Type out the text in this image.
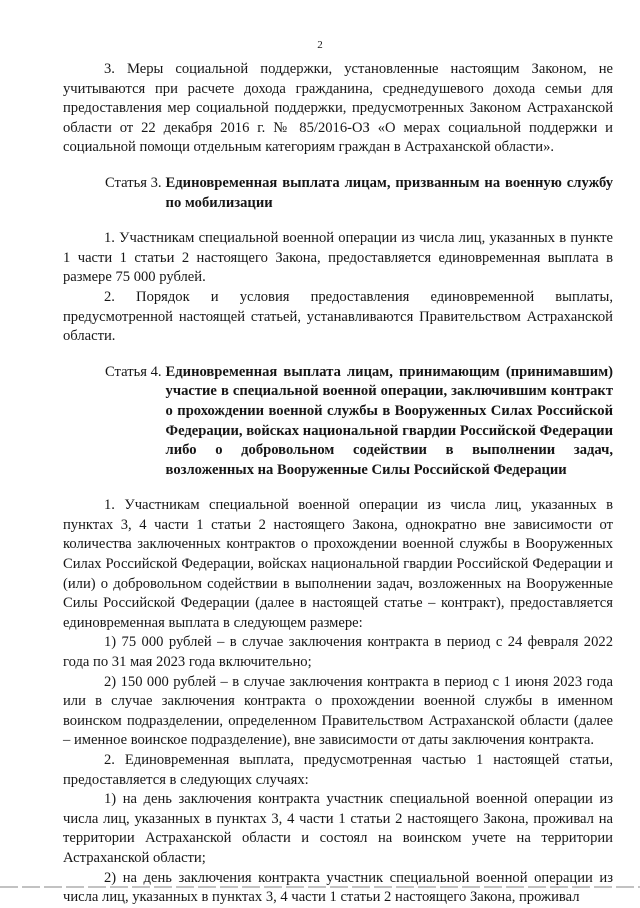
2

3. Меры социальной поддержки, установленные настоящим Законом, не учитываются при расчете дохода гражданина, среднедушевого дохода семьи для предоставления мер социальной поддержки, предусмотренных Законом Астраханской области от 22 декабря 2016 г. № 85/2016-ОЗ «О мерах социальной поддержки и социальной помощи отдельным категориям граждан в Астраханской области».

Статья 3. Единовременная выплата лицам, призванным на военную службу по мобилизации

1. Участникам специальной военной операции из числа лиц, указанных в пункте 1 части 1 статьи 2 настоящего Закона, предоставляется единовременная выплата в размере 75 000 рублей.

2. Порядок и условия предоставления единовременной выплаты, предусмотренной настоящей статьей, устанавливаются Правительством Астраханской области.

Статья 4. Единовременная выплата лицам, принимающим (принимавшим) участие в специальной военной операции, заключившим контракт о прохождении военной службы в Вооруженных Силах Российской Федерации, войсках национальной гвардии Российской Федерации либо о добровольном содействии в выполнении задач, возложенных на Вооруженные Силы Российской Федерации

1. Участникам специальной военной операции из числа лиц, указанных в пунктах 3, 4 части 1 статьи 2 настоящего Закона, однократно вне зависимости от количества заключенных контрактов о прохождении военной службы в Вооруженных Силах Российской Федерации, войсках национальной гвардии Российской Федерации и (или) о добровольном содействии в выполнении задач, возложенных на Вооруженные Силы Российской Федерации (далее в настоящей статье – контракт), предоставляется единовременная выплата в следующем размере:

1) 75 000 рублей – в случае заключения контракта в период с 24 февраля 2022 года по 31 мая 2023 года включительно;

2) 150 000 рублей – в случае заключения контракта в период с 1 июня 2023 года или в случае заключения контракта о прохождении военной службы в именном воинском подразделении, определенном Правительством Астраханской области (далее – именное воинское подразделение), вне зависимости от даты заключения контракта.

2. Единовременная выплата, предусмотренная частью 1 настоящей статьи, предоставляется в следующих случаях:

1) на день заключения контракта участник специальной военной операции из числа лиц, указанных в пунктах 3, 4 части 1 статьи 2 настоящего Закона, проживал на территории Астраханской области и состоял на воинском учете на территории Астраханской области;

2) на день заключения контракта участник специальной военной операции из числа лиц, указанных в пунктах 3, 4 части 1 статьи 2 настоящего Закона, проживал
